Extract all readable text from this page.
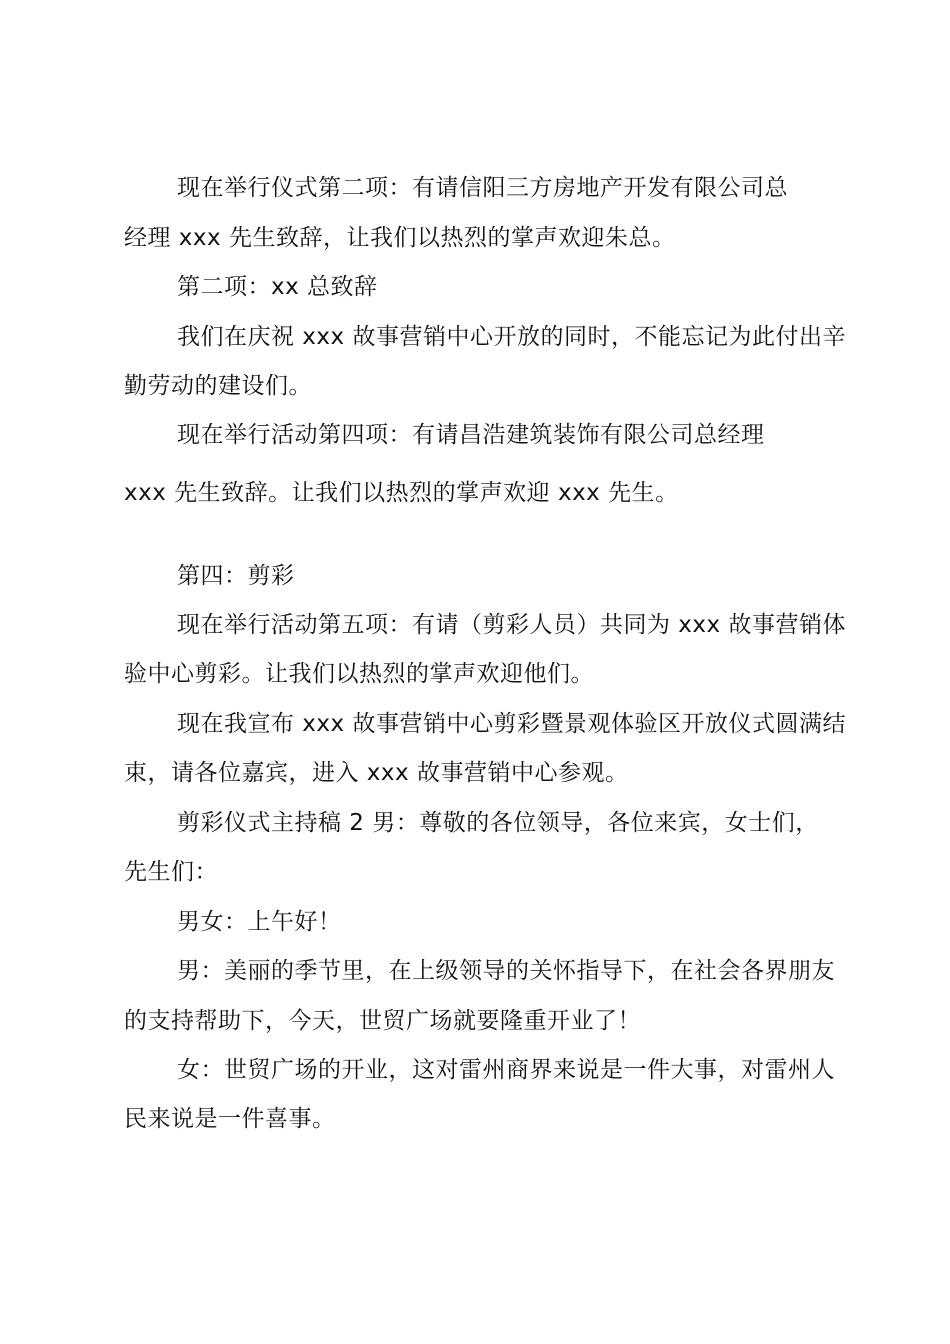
现在举行仪式第二项：有请信阳三方房地产开发有限公司总
经理 xxx 先生致辞，让我们以热烈的掌声欢迎朱总。
第二项：xx 总致辞
我们在庆祝 xxx 故事营销中心开放的同时，不能忘记为此付出辛
勤劳动的建设们。
现在举行活动第四项：有请昌浩建筑装饰有限公司总经理
xxx 先生致辞。让我们以热烈的掌声欢迎 xxx 先生。
第四：剪彩
现在举行活动第五项：有请（剪彩人员）共同为 xxx 故事营销体
验中心剪彩。让我们以热烈的掌声欢迎他们。
现在我宣布 xxx 故事营销中心剪彩暨景观体验区开放仪式圆满结
束，请各位嘉宾，进入 xxx 故事营销中心参观。
剪彩仪式主持稿 2 男：尊敬的各位领导，各位来宾，女士们，
先生们：
男女：上午好！
男：美丽的季节里，在上级领导的关怀指导下，在社会各界朋友
的支持帮助下，今天，世贸广场就要隆重开业了！
女：世贸广场的开业，这对雷州商界来说是一件大事，对雷州人
民来说是一件喜事。
